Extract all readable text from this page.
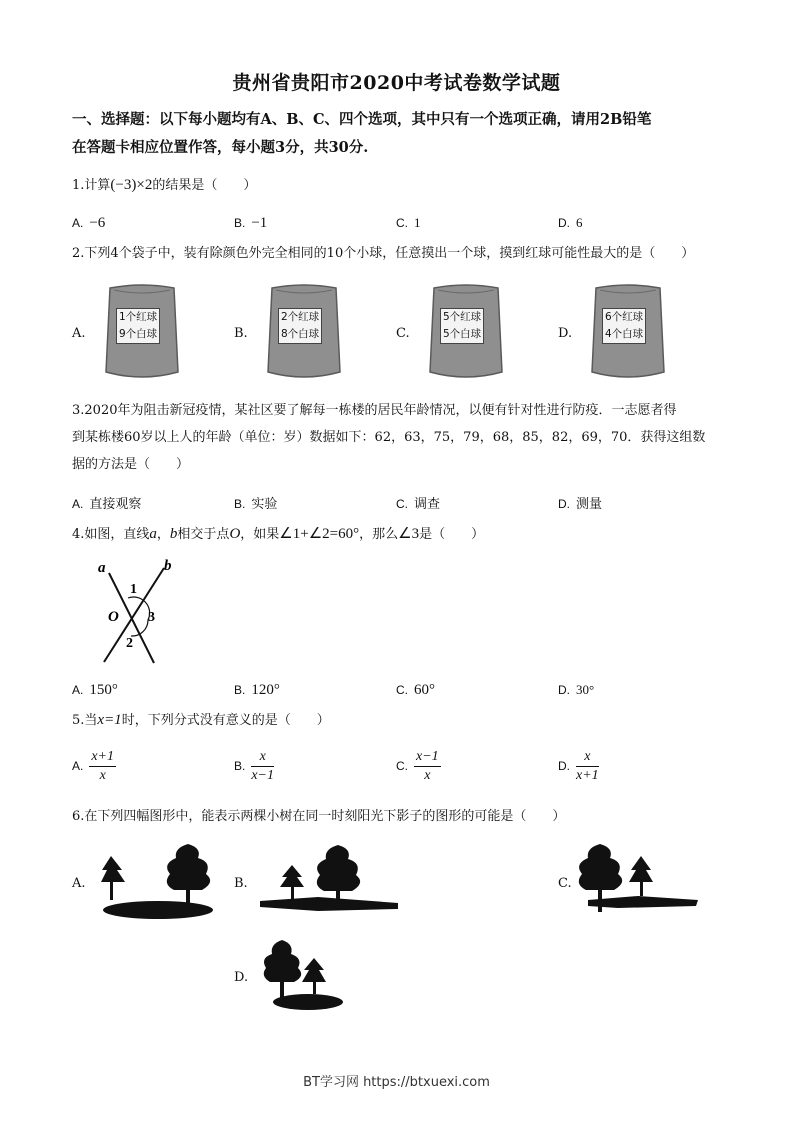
贵州省贵阳市2020中考试卷数学试题
一、选择题：以下每小题均有A、B、C、四个选项，其中只有一个选项正确，请用2B铅笔
在答题卡相应位置作答，每小题3分，共30分.
1.计算(−3)×2的结果是（　　）
A. −6	B. −1	C. 1	D. 6
2.下列4个袋子中，装有除颜色外完全相同的10个小球，任意摸出一个球，摸到红球可能性最大的是（　　）
A.
1个红球
9个白球	B.
2个红球
8个白球	C.
5个红球
5个白球	D.
6个红球
4个白球
3.2020年为阻击新冠疫情，某社区要了解每一栋楼的居民年龄情况，以便有针对性进行防疫．一志愿者得
到某栋楼60岁以上人的年龄（单位：岁）数据如下：62，63，75，79，68，85，82，69，70．获得这组数
据的方法是（　　）
A. 直接观察	B. 实验	C. 调查	D. 测量
4.如图，直线a，b相交于点O，如果∠1+∠2=60°，那么∠3是（　　）
a	b
O
1
2
3
A. 150°	B. 120°	C. 60°	D. 30°
5.当x=1时，下列分式没有意义的是（　　）
A. $\frac{x+1}{x}$	B. $\frac{x}{x-1}$	C. $\frac{x-1}{x}$	D. $\frac{x}{x+1}$
6.在下列四幅图形中，能表示两棵小树在同一时刻阳光下影子的图形的可能是（　　）
A.	B.	C.
D.
BT学习网 https://btxuexi.com
